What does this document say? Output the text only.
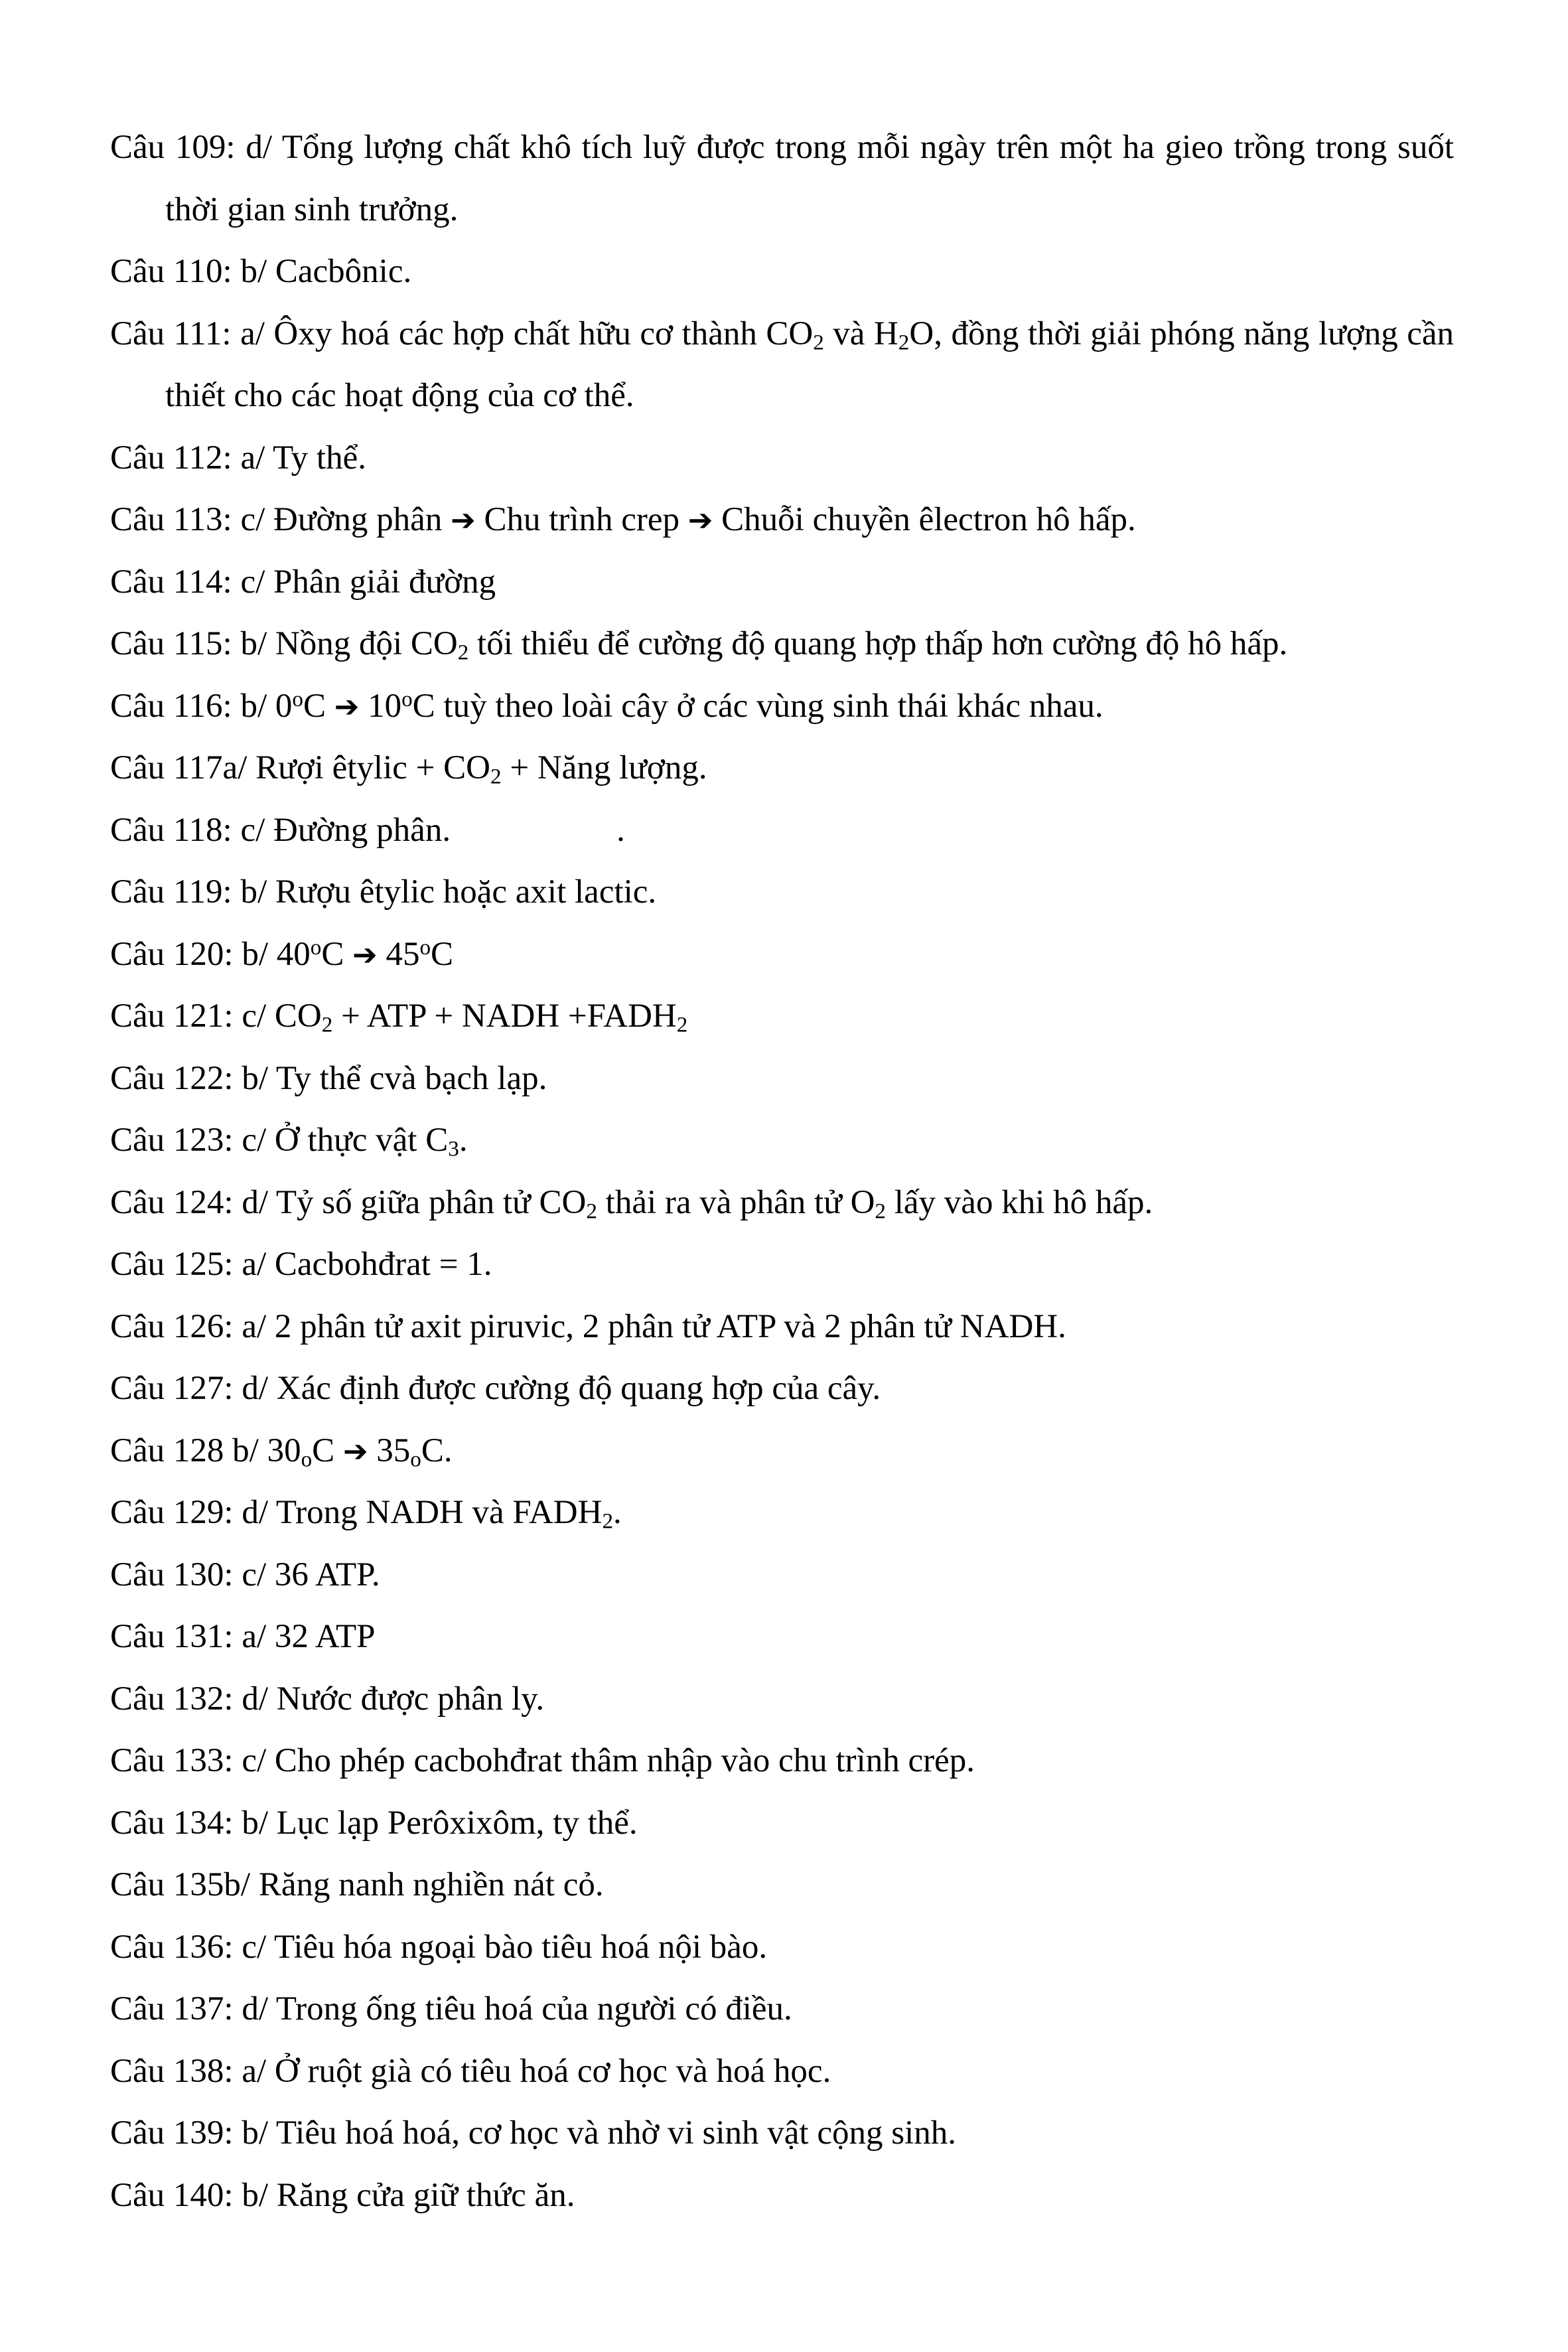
Câu 109: d/ Tổng lượng chất khô tích luỹ được trong mỗi ngày trên một ha gieo trồng trong suốt thời gian sinh trưởng.
Câu 110: b/ Cacbônic.
Câu 111: a/ Ôxy hoá các hợp chất hữu cơ thành $CO_2$ và $H_2O$, đồng thời giải phóng năng lượng cần thiết cho các hoạt động của cơ thể.
Câu 112: a/ Ty thể.
Câu 113: c/ Đường phân ➔ Chu trình crep ➔ Chuỗi chuyền êlectron hô hấp.
Câu 114: c/ Phân giải đường
Câu 115: b/ Nồng đội $CO_2$ tối thiểu để cường độ quang hợp thấp hơn cường độ hô hấp.
Câu 116: b/ 0$^o$C ➔ 10$^o$C tuỳ theo loài cây ở các vùng sinh thái khác nhau.
Câu 117a/ Rượi êtylic + $CO_2$ + Năng lượng.
Câu 118: c/ Đường phân.	.
Câu 119: b/ Rượu êtylic hoặc axit lactic.
Câu 120: b/ 40$^o$C ➔ 45$^o$C
Câu 121: c/ $CO_2$ + ATP + NADH $+FADH_2$
Câu 122: b/ Ty thể cvà bạch lạp.
Câu 123: c/ Ở thực vật $C_3$.
Câu 124: d/ Tỷ số giữa phân tử $CO_2$ thải ra và phân tử $O_2$ lấy vào khi hô hấp.
Câu 125: a/ Cacbohđrat = 1.
Câu 126: a/ 2 phân tử axit piruvic, 2 phân tử ATP và 2 phân tử NADH.
Câu 127: d/ Xác định được cường độ quang hợp của cây.
Câu 128 b/ $30_oC$ ➔ $35_oC$.
Câu 129: d/ Trong NADH và $FADH_2$.
Câu 130: c/ 36 ATP.
Câu 131: a/ 32 ATP
Câu 132: d/ Nước được phân ly.
Câu 133: c/ Cho phép cacbohđrat thâm nhập vào chu trình crép.
Câu 134: b/ Lục lạp Perôxixôm, ty thể.
Câu 135b/ Răng nanh nghiền nát cỏ.
Câu 136: c/ Tiêu hóa ngoại bào tiêu hoá nội bào.
Câu 137: d/ Trong ống tiêu hoá của người có điều.
Câu 138: a/ Ở ruột già có tiêu hoá cơ học và hoá học.
Câu 139: b/ Tiêu hoá hoá, cơ học và nhờ vi sinh vật cộng sinh.
Câu 140: b/ Răng cửa giữ thức ăn.
